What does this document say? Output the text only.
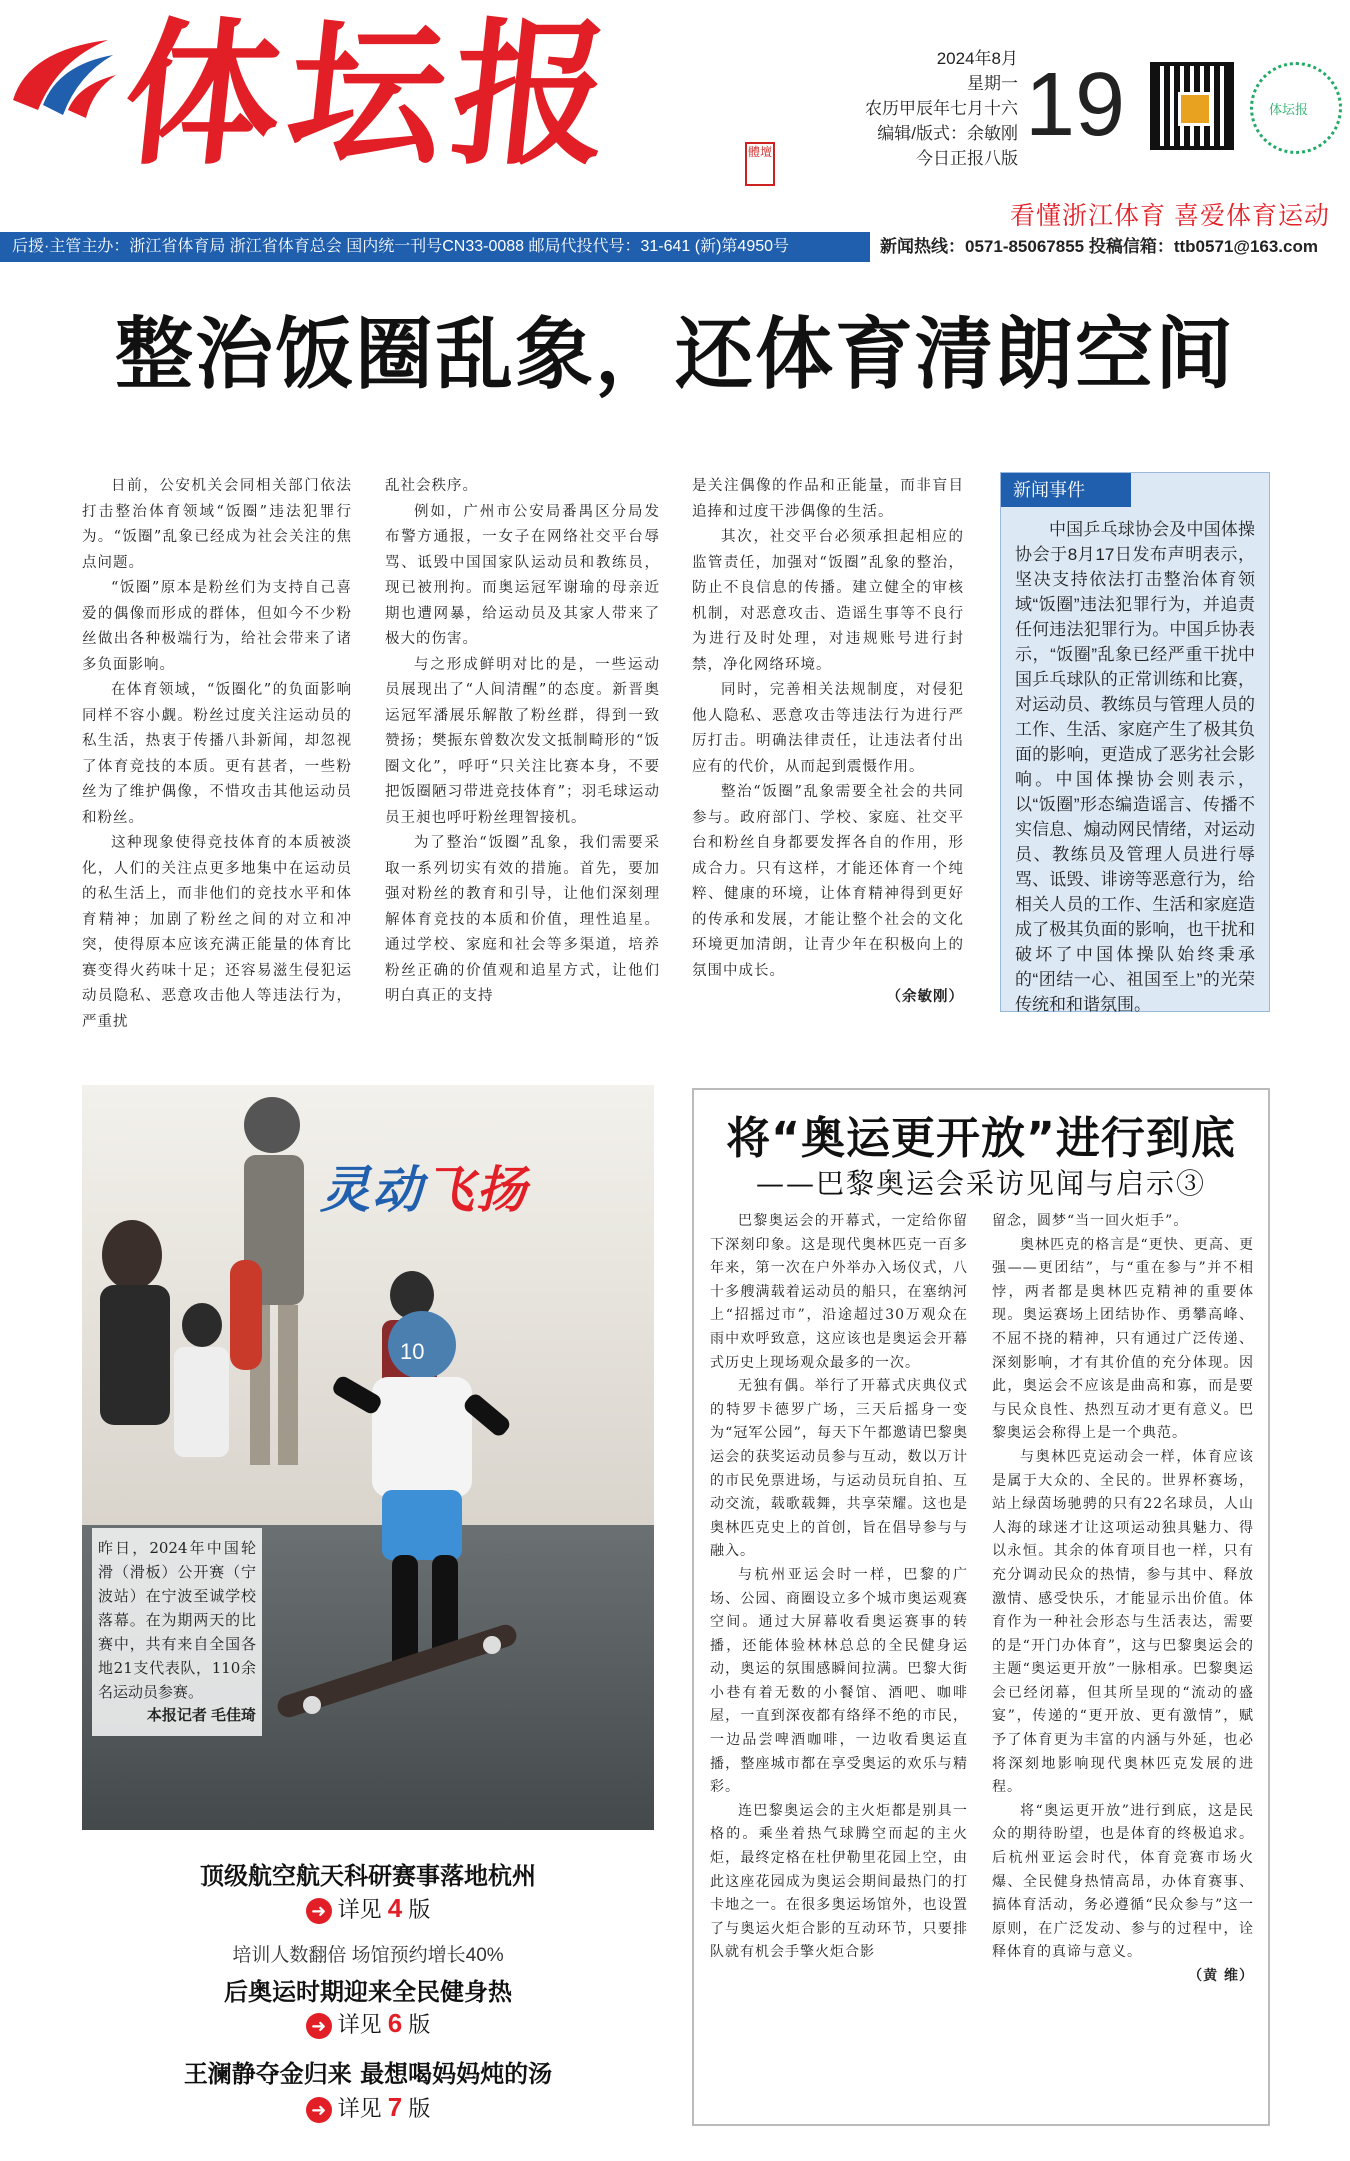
体坛报	體壇
2024年8月
星期一
农历甲辰年七月十六
编辑/版式：余敏刚
今日正报八版
19	体坛报
看懂浙江体育 喜爱体育运动
后援·主管主办：浙江省体育局 浙江省体育总会 国内统一刊号CN33-0088 邮局代投代号：31-641 (新)第4950号	新闻热线：0571-85067855 投稿信箱：ttb0571@163.com
整治饭圈乱象，还体育清朗空间

日前，公安机关会同相关部门依法打击整治体育领域“饭圈”违法犯罪行为。“饭圈”乱象已经成为社会关注的焦点问题。

“饭圈”原本是粉丝们为支持自己喜爱的偶像而形成的群体，但如今不少粉丝做出各种极端行为，给社会带来了诸多负面影响。

在体育领域，“饭圈化”的负面影响同样不容小觑。粉丝过度关注运动员的私生活，热衷于传播八卦新闻，却忽视了体育竞技的本质。更有甚者，一些粉丝为了维护偶像，不惜攻击其他运动员和粉丝。

这种现象使得竞技体育的本质被淡化，人们的关注点更多地集中在运动员的私生活上，而非他们的竞技水平和体育精神；加剧了粉丝之间的对立和冲突，使得原本应该充满正能量的体育比赛变得火药味十足；还容易滋生侵犯运动员隐私、恶意攻击他人等违法行为，严重扰

乱社会秩序。

例如，广州市公安局番禺区分局发布警方通报，一女子在网络社交平台辱骂、诋毁中国国家队运动员和教练员，现已被刑拘。而奥运冠军谢瑜的母亲近期也遭网暴，给运动员及其家人带来了极大的伤害。

与之形成鲜明对比的是，一些运动员展现出了“人间清醒”的态度。新晋奥运冠军潘展乐解散了粉丝群，得到一致赞扬；樊振东曾数次发文抵制畸形的“饭圈文化”，呼吁“只关注比赛本身，不要把饭圈陋习带进竞技体育”；羽毛球运动员王昶也呼吁粉丝理智接机。

为了整治“饭圈”乱象，我们需要采取一系列切实有效的措施。首先，要加强对粉丝的教育和引导，让他们深刻理解体育竞技的本质和价值，理性追星。通过学校、家庭和社会等多渠道，培养粉丝正确的价值观和追星方式，让他们明白真正的支持

是关注偶像的作品和正能量，而非盲目追捧和过度干涉偶像的生活。

其次，社交平台必须承担起相应的监管责任，加强对“饭圈”乱象的整治，防止不良信息的传播。建立健全的审核机制，对恶意攻击、造谣生事等不良行为进行及时处理，对违规账号进行封禁，净化网络环境。

同时，完善相关法规制度，对侵犯他人隐私、恶意攻击等违法行为进行严厉打击。明确法律责任，让违法者付出应有的代价，从而起到震慑作用。

整治“饭圈”乱象需要全社会的共同参与。政府部门、学校、家庭、社交平台和粉丝自身都要发挥各自的作用，形成合力。只有这样，才能还体育一个纯粹、健康的环境，让体育精神得到更好的传承和发展，才能让整个社会的文化环境更加清朗，让青少年在积极向上的氛围中成长。

（余敏刚）
新闻事件

中国乒乓球协会及中国体操协会于8月17日发布声明表示，坚决支持依法打击整治体育领域“饭圈”违法犯罪行为，并追责任何违法犯罪行为。中国乒协表示，“饭圈”乱象已经严重干扰中国乒乓球队的正常训练和比赛，对运动员、教练员与管理人员的工作、生活、家庭产生了极其负面的影响，更造成了恶劣社会影响。中国体操协会则表示，以“饭圈”形态编造谣言、传播不实信息、煽动网民情绪，对运动员、教练员及管理人员进行辱骂、诋毁、诽谤等恶意行为，给相关人员的工作、生活和家庭造成了极其负面的影响，也干扰和破坏了中国体操队始终秉承的“团结一心、祖国至上”的光荣传统和和谐氛围。

10
灵动飞扬
昨日，2024年中国轮滑（滑板）公开赛（宁波站）在宁波至诚学校落幕。在为期两天的比赛中，共有来自全国各地21支代表队，110余名运动员参赛。
本报记者 毛佳琦
顶级航空航天科研赛事落地杭州
➜ 详见 4 版
培训人数翻倍 场馆预约增长40%
后奥运时期迎来全民健身热
➜ 详见 6 版
王澜静夺金归来 最想喝妈妈炖的汤
➜ 详见 7 版
将“奥运更开放”进行到底
——巴黎奥运会采访见闻与启示③

巴黎奥运会的开幕式，一定给你留下深刻印象。这是现代奥林匹克一百多年来，第一次在户外举办入场仪式，八十多艘满载着运动员的船只，在塞纳河上“招摇过市”，沿途超过30万观众在雨中欢呼致意，这应该也是奥运会开幕式历史上现场观众最多的一次。

无独有偶。举行了开幕式庆典仪式的特罗卡德罗广场，三天后摇身一变为“冠军公园”，每天下午都邀请巴黎奥运会的获奖运动员参与互动，数以万计的市民免票进场，与运动员玩自拍、互动交流，载歌载舞，共享荣耀。这也是奥林匹克史上的首创，旨在倡导参与与融入。

与杭州亚运会时一样，巴黎的广场、公园、商圈设立多个城市奥运观赛空间。通过大屏幕收看奥运赛事的转播，还能体验林林总总的全民健身运动，奥运的氛围感瞬间拉满。巴黎大街小巷有着无数的小餐馆、酒吧、咖啡屋，一直到深夜都有络绎不绝的市民，一边品尝啤酒咖啡，一边收看奥运直播，整座城市都在享受奥运的欢乐与精彩。

连巴黎奥运会的主火炬都是别具一格的。乘坐着热气球腾空而起的主火炬，最终定格在杜伊勒里花园上空，由此这座花园成为奥运会期间最热门的打卡地之一。在很多奥运场馆外，也设置了与奥运火炬合影的互动环节，只要排队就有机会手擎火炬合影

留念，圆梦“当一回火炬手”。

奥林匹克的格言是“更快、更高、更强——更团结”，与“重在参与”并不相悖，两者都是奥林匹克精神的重要体现。奥运赛场上团结协作、勇攀高峰、不屈不挠的精神，只有通过广泛传递、深刻影响，才有其价值的充分体现。因此，奥运会不应该是曲高和寡，而是要与民众良性、热烈互动才更有意义。巴黎奥运会称得上是一个典范。

与奥林匹克运动会一样，体育应该是属于大众的、全民的。世界杯赛场，站上绿茵场驰骋的只有22名球员，人山人海的球迷才让这项运动独具魅力、得以永恒。其余的体育项目也一样，只有充分调动民众的热情，参与其中、释放激情、感受快乐，才能显示出价值。体育作为一种社会形态与生活表达，需要的是“开门办体育”，这与巴黎奥运会的主题“奥运更开放”一脉相承。巴黎奥运会已经闭幕，但其所呈现的“流动的盛宴”，传递的“更开放、更有激情”，赋予了体育更为丰富的内涵与外延，也必将深刻地影响现代奥林匹克发展的进程。

将“奥运更开放”进行到底，这是民众的期待盼望，也是体育的终极追求。后杭州亚运会时代，体育竞赛市场火爆、全民健身热情高昂，办体育赛事、搞体育活动，务必遵循“民众参与”这一原则，在广泛发动、参与的过程中，诠释体育的真谛与意义。

（黄 维）
